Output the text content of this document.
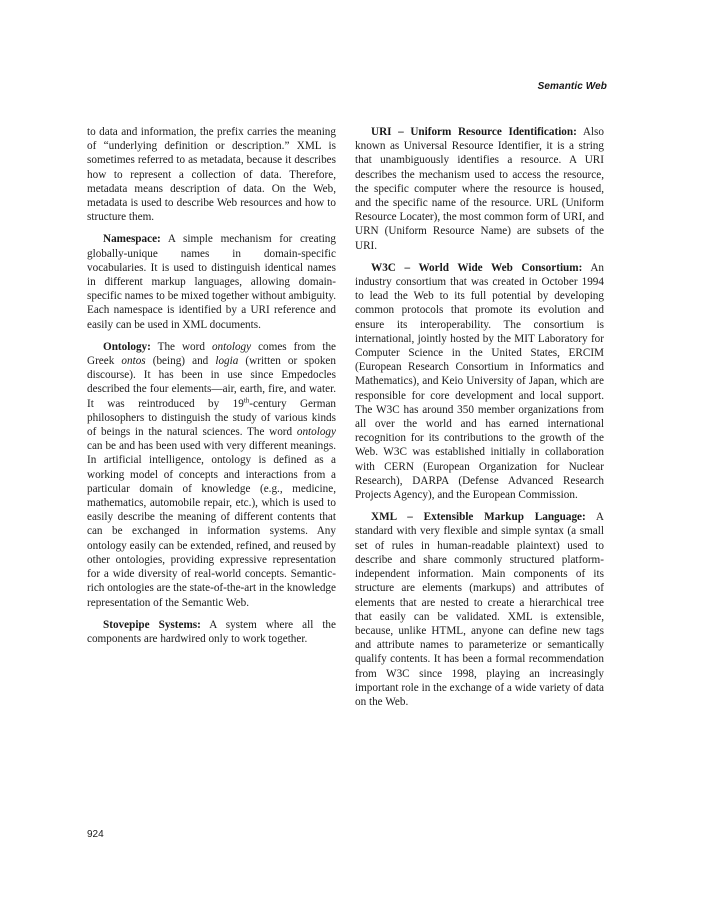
Semantic Web

to data and information, the prefix carries the meaning of “underlying definition or description.” XML is sometimes referred to as metadata, because it describes how to represent a collection of data. Therefore, metadata means description of data. On the Web, metadata is used to describe Web resources and how to structure them.

Namespace: A simple mechanism for creating globally-unique names in domain-specific vocabularies. It is used to distinguish identical names in different markup languages, allowing domain-specific names to be mixed together without ambiguity. Each namespace is identified by a URI reference and easily can be used in XML documents.

Ontology: The word ontology comes from the Greek ontos (being) and logia (written or spoken discourse). It has been in use since Empedocles described the four elements—air, earth, fire, and water. It was reintroduced by 19th-century German philosophers to distinguish the study of various kinds of beings in the natural sciences. The word ontology can be and has been used with very different meanings. In artificial intelligence, ontology is defined as a working model of concepts and interactions from a particular domain of knowledge (e.g., medicine, mathematics, automobile repair, etc.), which is used to easily describe the meaning of different contents that can be exchanged in information systems. Any ontology easily can be extended, refined, and reused by other ontologies, providing expressive representation for a wide diversity of real-world concepts. Semantic-rich ontologies are the state-of-the-art in the knowledge representation of the Semantic Web.

Stovepipe Systems: A system where all the components are hardwired only to work together.

URI – Uniform Resource Identification: Also known as Universal Resource Identifier, it is a string that unambiguously identifies a resource. A URI describes the mechanism used to access the resource, the specific computer where the resource is housed, and the specific name of the resource. URL (Uniform Resource Locater), the most common form of URI, and URN (Uniform Resource Name) are subsets of the URI.

W3C – World Wide Web Consortium: An industry consortium that was created in October 1994 to lead the Web to its full potential by developing common protocols that promote its evolution and ensure its interoperability. The consortium is international, jointly hosted by the MIT Laboratory for Computer Science in the United States, ERCIM (European Research Consortium in Informatics and Mathematics), and Keio University of Japan, which are responsible for core development and local support. The W3C has around 350 member organizations from all over the world and has earned international recognition for its contributions to the growth of the Web. W3C was established initially in collaboration with CERN (European Organization for Nuclear Research), DARPA (Defense Advanced Research Projects Agency), and the European Commission.

XML – Extensible Markup Language: A standard with very flexible and simple syntax (a small set of rules in human-readable plaintext) used to describe and share commonly structured platform-independent information. Main components of its structure are elements (markups) and attributes of elements that are nested to create a hierarchical tree that easily can be validated. XML is extensible, because, unlike HTML, anyone can define new tags and attribute names to parameterize or semantically qualify contents. It has been a formal recommendation from W3C since 1998, playing an increasingly important role in the exchange of a wide variety of data on the Web.

924
